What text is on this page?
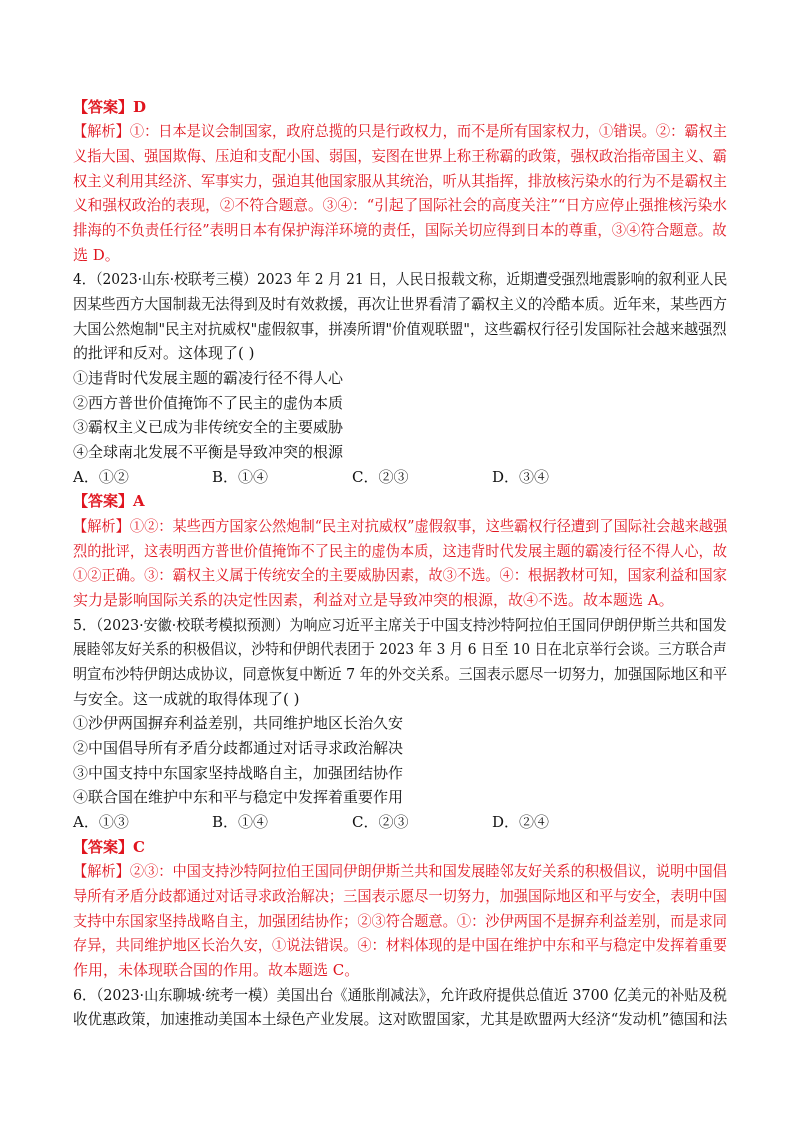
【答案】D
【解析】①：日本是议会制国家，政府总揽的只是行政权力，而不是所有国家权力，①错误。②：霸权主
义指大国、强国欺侮、压迫和支配小国、弱国，妄图在世界上称王称霸的政策，强权政治指帝国主义、霸
权主义利用其经济、军事实力，强迫其他国家服从其统治，听从其指挥，排放核污染水的行为不是霸权主
义和强权政治的表现，②不符合题意。③④：“引起了国际社会的高度关注”“日方应停止强推核污染水
排海的不负责任行径”表明日本有保护海洋环境的责任，国际关切应得到日本的尊重，③④符合题意。故
选 D。
4．（2023·山东·校联考三模）2023 年 2 月 21 日，人民日报载文称，近期遭受强烈地震影响的叙利亚人民
因某些西方大国制裁无法得到及时有效救援，再次让世界看清了霸权主义的冷酷本质。近年来，某些西方
大国公然炮制"民主对抗威权"虚假叙事，拼凑所谓"价值观联盟"，这些霸权行径引发国际社会越来越强烈
的批评和反对。这体现了( )
①违背时代发展主题的霸凌行径不得人心
②西方普世价值掩饰不了民主的虚伪本质
③霸权主义已成为非传统安全的主要威胁
④全球南北发展不平衡是导致冲突的根源
A．①②	B．①④	C．②③	D．③④
【答案】A
【解析】①②：某些西方国家公然炮制“民主对抗威权”虚假叙事，这些霸权行径遭到了国际社会越来越强
烈的批评，这表明西方普世价值掩饰不了民主的虚伪本质，这违背时代发展主题的霸凌行径不得人心，故
①②正确。③：霸权主义属于传统安全的主要威胁因素，故③不选。④：根据教材可知，国家利益和国家
实力是影响国际关系的决定性因素，利益对立是导致冲突的根源，故④不选。故本题选 A。
5．（2023·安徽·校联考模拟预测）为响应习近平主席关于中国支持沙特阿拉伯王国同伊朗伊斯兰共和国发
展睦邻友好关系的积极倡议，沙特和伊朗代表团于 2023 年 3 月 6 日至 10 日在北京举行会谈。三方联合声
明宣布沙特伊朗达成协议，同意恢复中断近 7 年的外交关系。三国表示愿尽一切努力，加强国际地区和平
与安全。这一成就的取得体现了( )
①沙伊两国摒弃利益差别，共同维护地区长治久安
②中国倡导所有矛盾分歧都通过对话寻求政治解决
③中国支持中东国家坚持战略自主，加强团结协作
④联合国在维护中东和平与稳定中发挥着重要作用
A．①③	B．①④	C．②③	D．②④
【答案】C
【解析】②③：中国支持沙特阿拉伯王国同伊朗伊斯兰共和国发展睦邻友好关系的积极倡议，说明中国倡
导所有矛盾分歧都通过对话寻求政治解决；三国表示愿尽一切努力，加强国际地区和平与安全，表明中国
支持中东国家坚持战略自主，加强团结协作；②③符合题意。①：沙伊两国不是摒弃利益差别，而是求同
存异，共同维护地区长治久安，①说法错误。④：材料体现的是中国在维护中东和平与稳定中发挥着重要
作用，未体现联合国的作用。故本题选 C。
6．（2023·山东聊城·统考一模）美国出台《通胀削减法》，允许政府提供总值近 3700 亿美元的补贴及税
收优惠政策，加速推动美国本土绿色产业发展。这对欧盟国家，尤其是欧盟两大经济“发动机”德国和法
